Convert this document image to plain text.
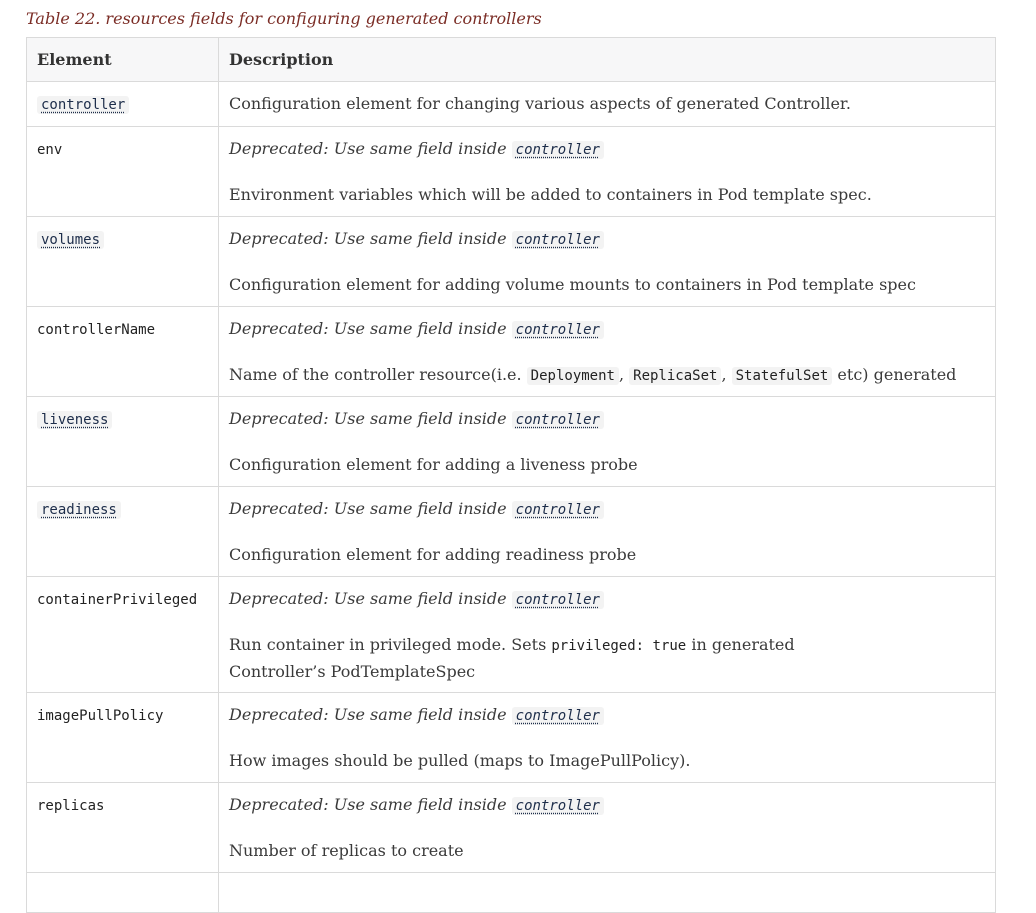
Table 22. resources fields for configuring generated controllers

Element	Description
controller	Configuration element for changing various aspects of generated Controller.

env	Deprecated: Use same field inside controller

Environment variables which will be added to containers in Pod template spec.

volumes	Deprecated: Use same field inside controller

Configuration element for adding volume mounts to containers in Pod template spec

controllerName	Deprecated: Use same field inside controller

Name of the controller resource(i.e. Deployment , ReplicaSet , StatefulSet etc) generated

liveness	Deprecated: Use same field inside controller

Configuration element for adding a liveness probe

readiness	Deprecated: Use same field inside controller

Configuration element for adding readiness probe

containerPrivileged	Deprecated: Use same field inside controller

Run container in privileged mode. Sets privileged: true in generated Controller’s PodTemplateSpec

imagePullPolicy	Deprecated: Use same field inside controller

How images should be pulled (maps to ImagePullPolicy).

replicas	Deprecated: Use same field inside controller

Number of replicas to create
